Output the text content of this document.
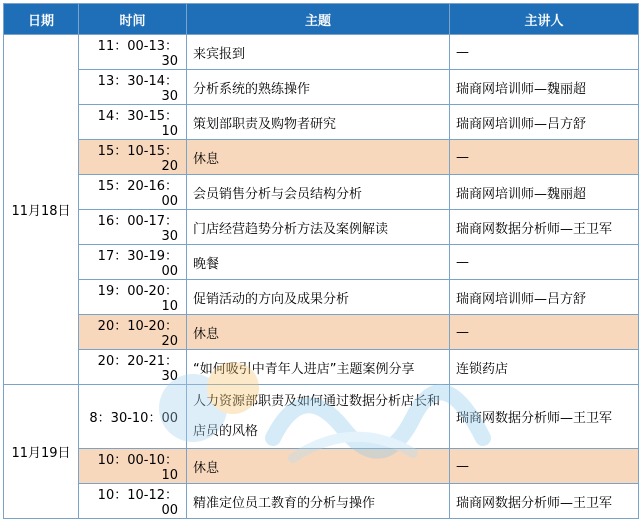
日期	时间	主题	主讲人
11月18日	11：00-13：30	来宾报到	—
	13：30-14：30	分析系统的熟练操作	瑞商网培训师—魏丽超
	14：30-15：10	策划部职责及购物者研究	瑞商网培训师—吕方舒
	15：10-15：20	休息	—
	15：20-16：00	会员销售分析与会员结构分析	瑞商网培训师—魏丽超
	16：00-17：30	门店经营趋势分析方法及案例解读	瑞商网数据分析师—王卫军
	17：30-19：00	晚餐	—
	19：00-20：10	促销活动的方向及成果分析	瑞商网培训师—吕方舒
	20：10-20：20	休息	—
	20：20-21：30	“如何吸引中青年人进店”主题案例分享	连锁药店
11月19日	8：30-10：00	人力资源部职责及如何通过数据分析店长和店员的风格	瑞商网数据分析师—王卫军
	10：00-10：10	休息	—
	10：10-12：00	精准定位员工教育的分析与操作	瑞商网数据分析师—王卫军
